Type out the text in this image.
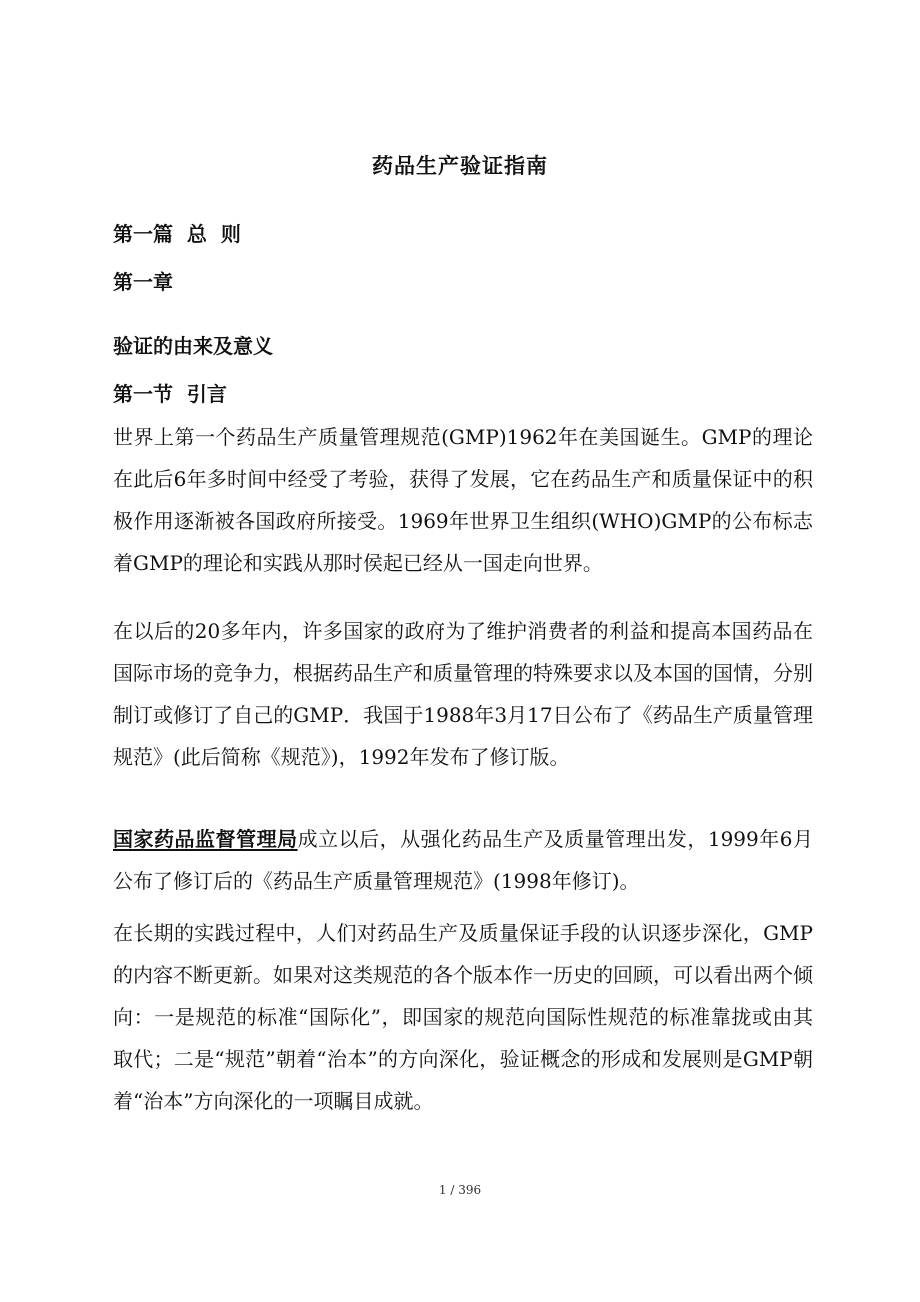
药品生产验证指南
第一篇  总  则
第一章
验证的由来及意义
第一节  引言
世界上第一个药品生产质量管理规范(GMP)1962年在美国诞生。GMP的理论在此后6年多时间中经受了考验，获得了发展，它在药品生产和质量保证中的积极作用逐渐被各国政府所接受。1969年世界卫生组织(WHO)GMP的公布标志着GMP的理论和实践从那时侯起已经从一国走向世界。
在以后的20多年内，许多国家的政府为了维护消费者的利益和提高本国药品在国际市场的竞争力，根据药品生产和质量管理的特殊要求以及本国的国情，分别制订或修订了自己的GMP．我国于1988年3月17日公布了《药品生产质量管理规范》(此后简称《规范》)，1992年发布了修订版。
国家药品监督管理局成立以后，从强化药品生产及质量管理出发，1999年6月公布了修订后的《药品生产质量管理规范》(1998年修订)。
在长期的实践过程中，人们对药品生产及质量保证手段的认识逐步深化，GMP的内容不断更新。如果对这类规范的各个版本作一历史的回顾，可以看出两个倾向：一是规范的标准“国际化”，即国家的规范向国际性规范的标准靠拢或由其取代；二是“规范”朝着“治本”的方向深化，验证概念的形成和发展则是GMP朝着“治本”方向深化的一项瞩目成就。
1 / 396
